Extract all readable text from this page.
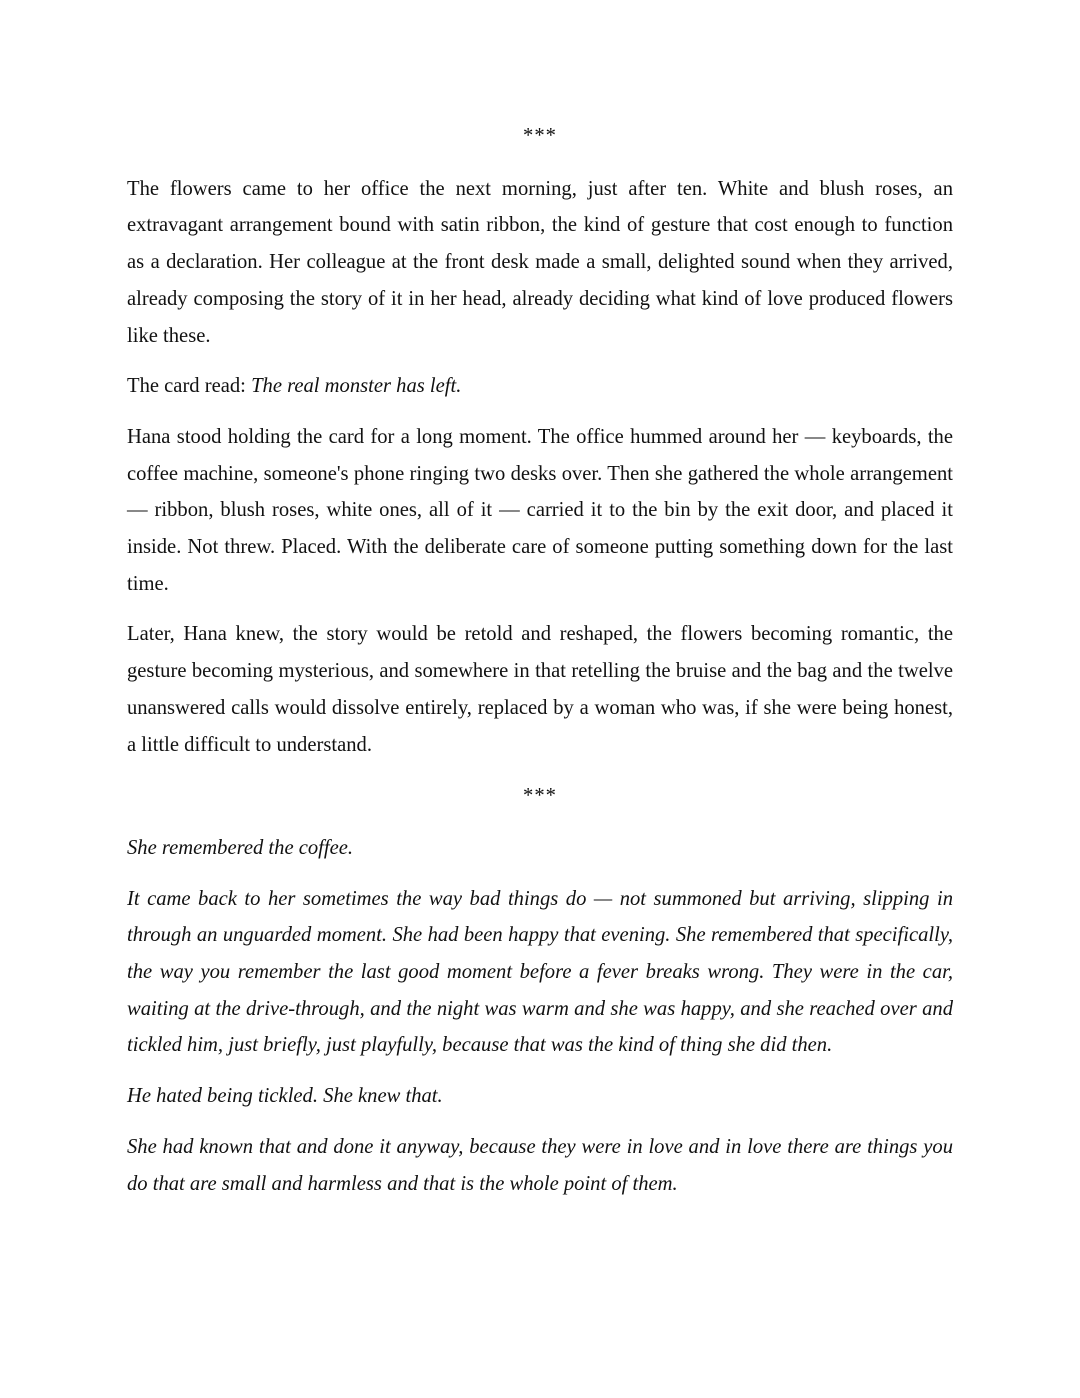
***

The flowers came to her office the next morning, just after ten. White and blush roses, an extravagant arrangement bound with satin ribbon, the kind of gesture that cost enough to function as a declaration. Her colleague at the front desk made a small, delighted sound when they arrived, already composing the story of it in her head, already deciding what kind of love produced flowers like these.

The card read: The real monster has left.

Hana stood holding the card for a long moment. The office hummed around her — keyboards, the coffee machine, someone's phone ringing two desks over. Then she gathered the whole arrangement — ribbon, blush roses, white ones, all of it — carried it to the bin by the exit door, and placed it inside. Not threw. Placed. With the deliberate care of someone putting something down for the last time.

Later, Hana knew, the story would be retold and reshaped, the flowers becoming romantic, the gesture becoming mysterious, and somewhere in that retelling the bruise and the bag and the twelve unanswered calls would dissolve entirely, replaced by a woman who was, if she were being honest, a little difficult to understand.

***

She remembered the coffee.

It came back to her sometimes the way bad things do — not summoned but arriving, slipping in through an unguarded moment. She had been happy that evening. She remembered that specifically, the way you remember the last good moment before a fever breaks wrong. They were in the car, waiting at the drive-through, and the night was warm and she was happy, and she reached over and tickled him, just briefly, just playfully, because that was the kind of thing she did then.

He hated being tickled. She knew that.

She had known that and done it anyway, because they were in love and in love there are things you do that are small and harmless and that is the whole point of them.
